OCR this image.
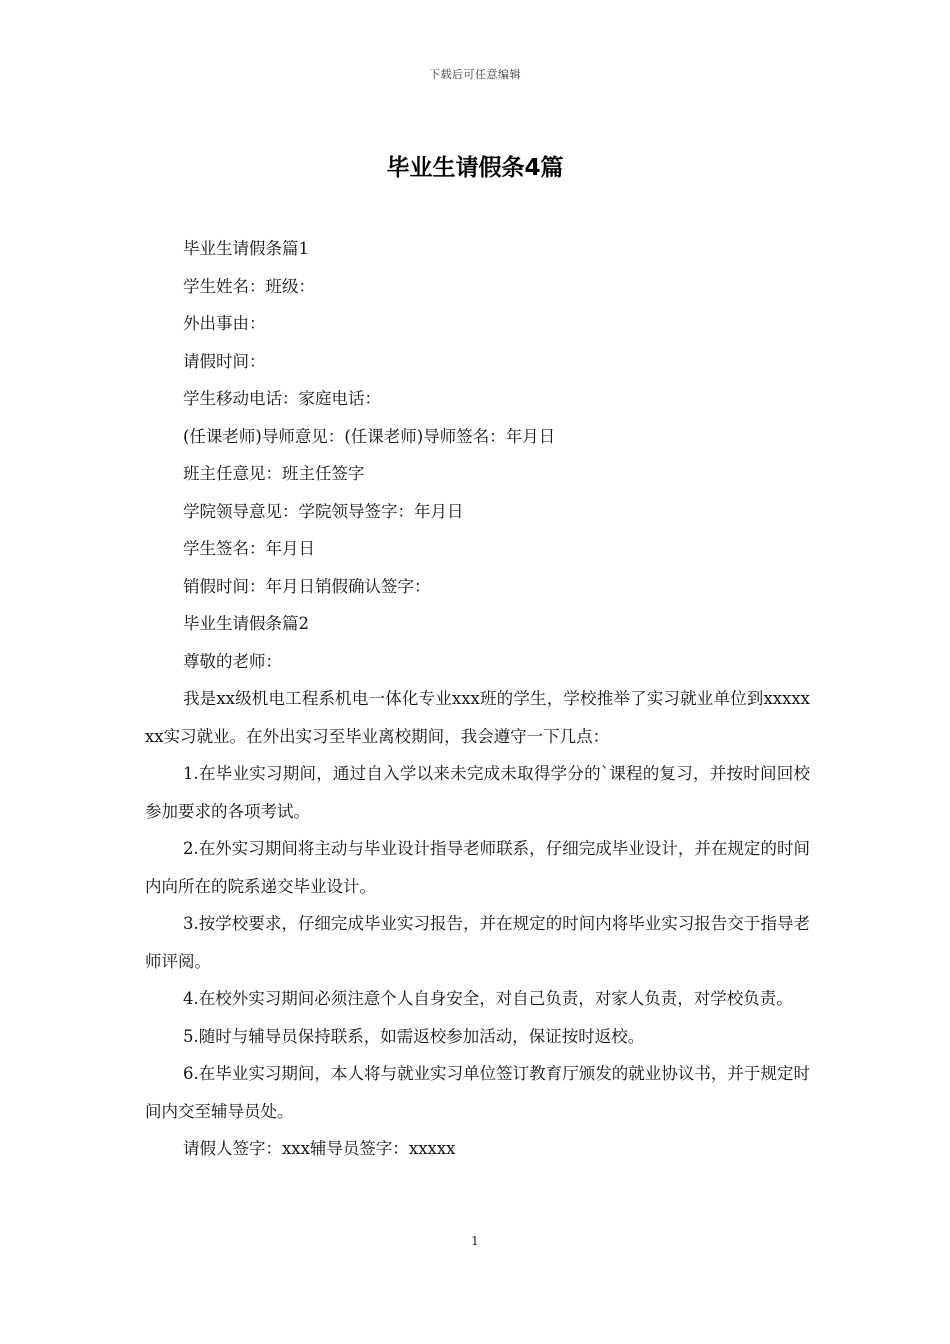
下载后可任意编辑
毕业生请假条4篇

毕业生请假条篇1

学生姓名：班级：

外出事由：

请假时间：

学生移动电话：家庭电话：

(任课老师)导师意见：(任课老师)导师签名：年月日

班主任意见：班主任签字

学院领导意见：学院领导签字：年月日

学生签名：年月日

销假时间：年月日销假确认签字：

毕业生请假条篇2

尊敬的老师：

我是xx级机电工程系机电一体化专业xxx班的学生，学校推举了实习就业单位到xxxxxxx实习就业。在外出实习至毕业离校期间，我会遵守一下几点：

1.在毕业实习期间，通过自入学以来未完成未取得学分的`课程的复习，并按时间回校参加要求的各项考试。

2.在外实习期间将主动与毕业设计指导老师联系，仔细完成毕业设计，并在规定的时间内向所在的院系递交毕业设计。

3.按学校要求，仔细完成毕业实习报告，并在规定的时间内将毕业实习报告交于指导老师评阅。

4.在校外实习期间必须注意个人自身安全，对自己负责，对家人负责，对学校负责。

5.随时与辅导员保持联系，如需返校参加活动，保证按时返校。

6.在毕业实习期间，本人将与就业实习单位签订教育厅颁发的就业协议书，并于规定时间内交至辅导员处。

请假人签字：xxx辅导员签字：xxxxx

1
